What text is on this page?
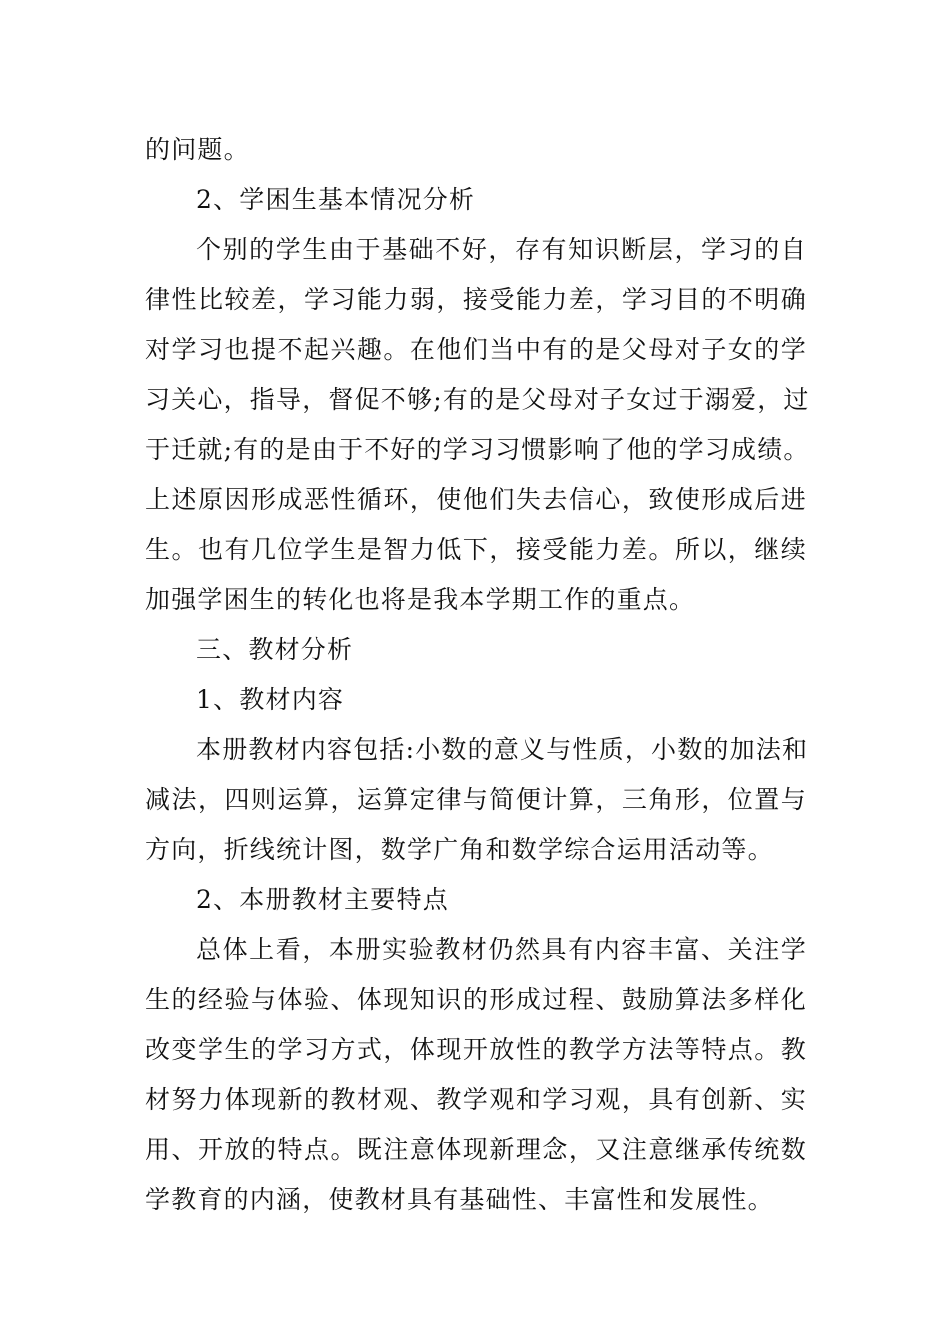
的问题。
2、学困生基本情况分析
个别的学生由于基础不好，存有知识断层，学习的自
律性比较差，学习能力弱，接受能力差，学习目的不明确
对学习也提不起兴趣。在他们当中有的是父母对子女的学
习关心，指导，督促不够;有的是父母对子女过于溺爱，过
于迁就;有的是由于不好的学习习惯影响了他的学习成绩。
上述原因形成恶性循环，使他们失去信心，致使形成后进
生。也有几位学生是智力低下，接受能力差。所以，继续
加强学困生的转化也将是我本学期工作的重点。
三、教材分析
1、教材内容
本册教材内容包括:小数的意义与性质，小数的加法和
减法，四则运算，运算定律与简便计算，三角形，位置与
方向，折线统计图，数学广角和数学综合运用活动等。
2、本册教材主要特点
总体上看，本册实验教材仍然具有内容丰富、关注学
生的经验与体验、体现知识的形成过程、鼓励算法多样化
改变学生的学习方式，体现开放性的教学方法等特点。教
材努力体现新的教材观、教学观和学习观，具有创新、实
用、开放的特点。既注意体现新理念，又注意继承传统数
学教育的内涵，使教材具有基础性、丰富性和发展性。
